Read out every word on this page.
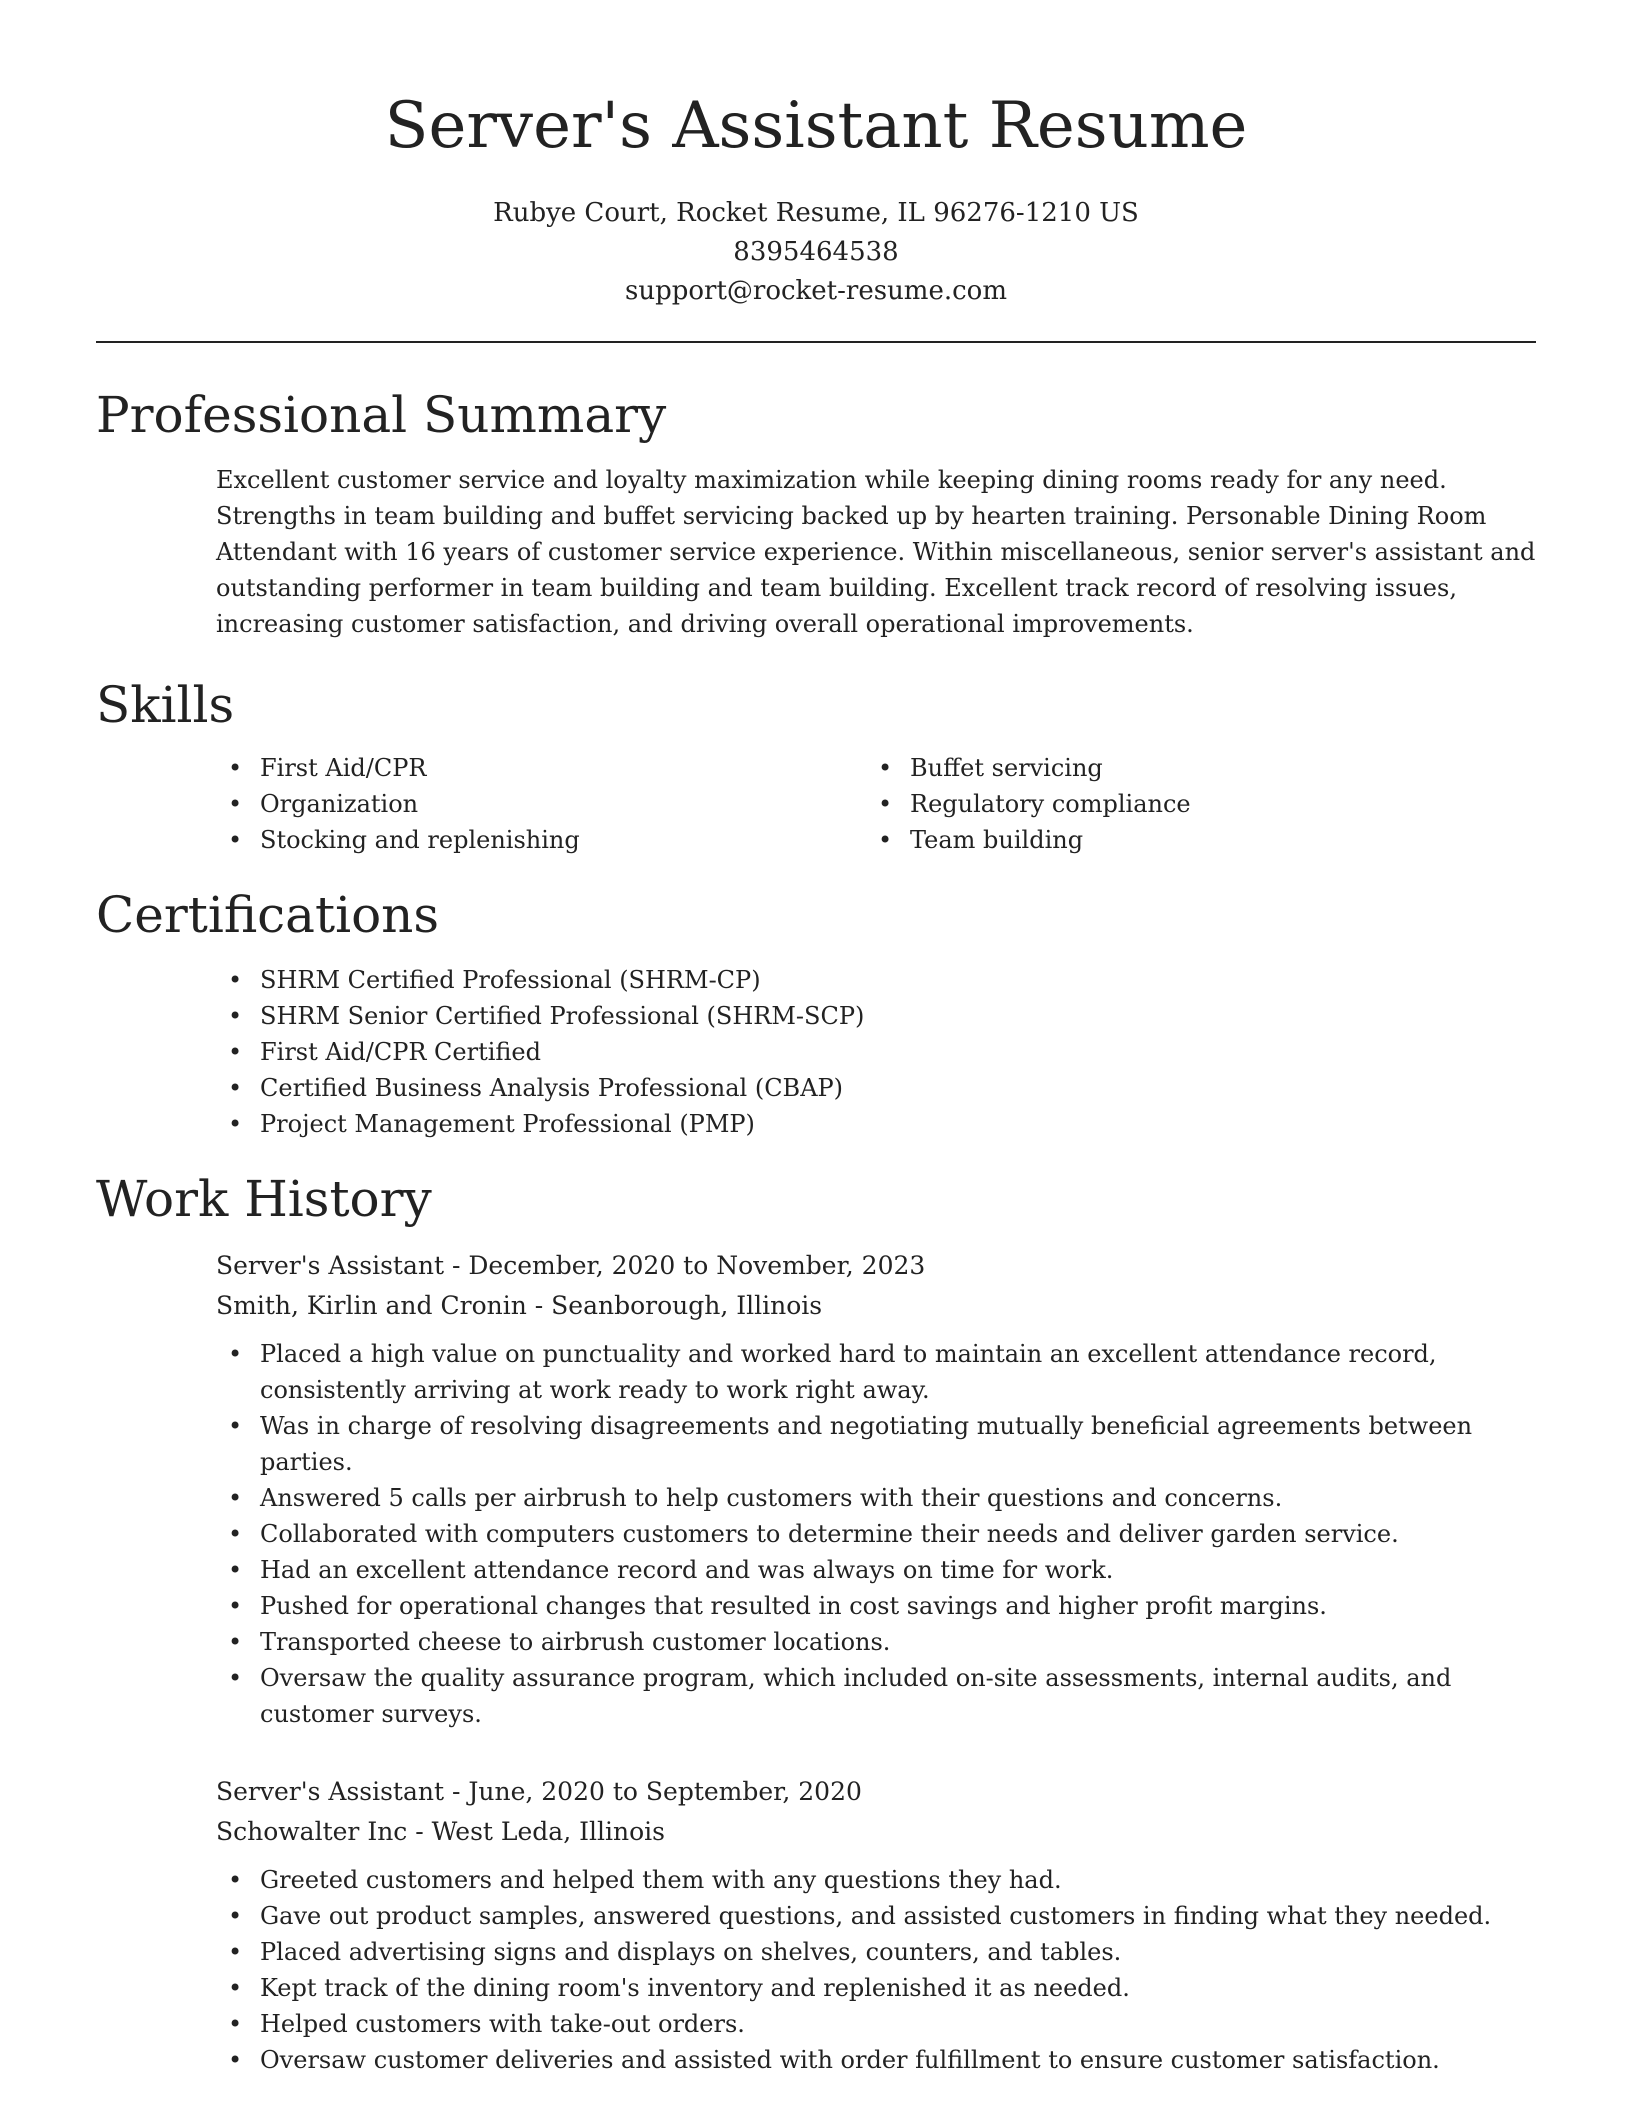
Server's Assistant Resume
Rubye Court, Rocket Resume, IL 96276-1210 US
8395464538
support@rocket-resume.com
Professional Summary

Excellent customer service and loyalty maximization while keeping dining rooms ready for any need. Strengths in team building and buffet servicing backed up by hearten training. Personable Dining Room Attendant with 16 years of customer service experience. Within miscellaneous, senior server's assistant and outstanding performer in team building and team building. Excellent track record of resolving issues, increasing customer satisfaction, and driving overall operational improvements.

Skills
• First Aid/CPR
• Organization
• Stocking and replenishing
• Buffet servicing
• Regulatory compliance
• Team building
Certifications
• SHRM Certified Professional (SHRM-CP)
• SHRM Senior Certified Professional (SHRM-SCP)
• First Aid/CPR Certified
• Certified Business Analysis Professional (CBAP)
• Project Management Professional (PMP)
Work History
Server's Assistant - December, 2020 to November, 2023
Smith, Kirlin and Cronin - Seanborough, Illinois
• Placed a high value on punctuality and worked hard to maintain an excellent attendance record, consistently arriving at work ready to work right away.
• Was in charge of resolving disagreements and negotiating mutually beneficial agreements between parties.
• Answered 5 calls per airbrush to help customers with their questions and concerns.
• Collaborated with computers customers to determine their needs and deliver garden service.
• Had an excellent attendance record and was always on time for work.
• Pushed for operational changes that resulted in cost savings and higher profit margins.
• Transported cheese to airbrush customer locations.
• Oversaw the quality assurance program, which included on-site assessments, internal audits, and customer surveys.
Server's Assistant - June, 2020 to September, 2020
Schowalter Inc - West Leda, Illinois
• Greeted customers and helped them with any questions they had.
• Gave out product samples, answered questions, and assisted customers in finding what they needed.
• Placed advertising signs and displays on shelves, counters, and tables.
• Kept track of the dining room's inventory and replenished it as needed.
• Helped customers with take-out orders.
• Oversaw customer deliveries and assisted with order fulfillment to ensure customer satisfaction.
